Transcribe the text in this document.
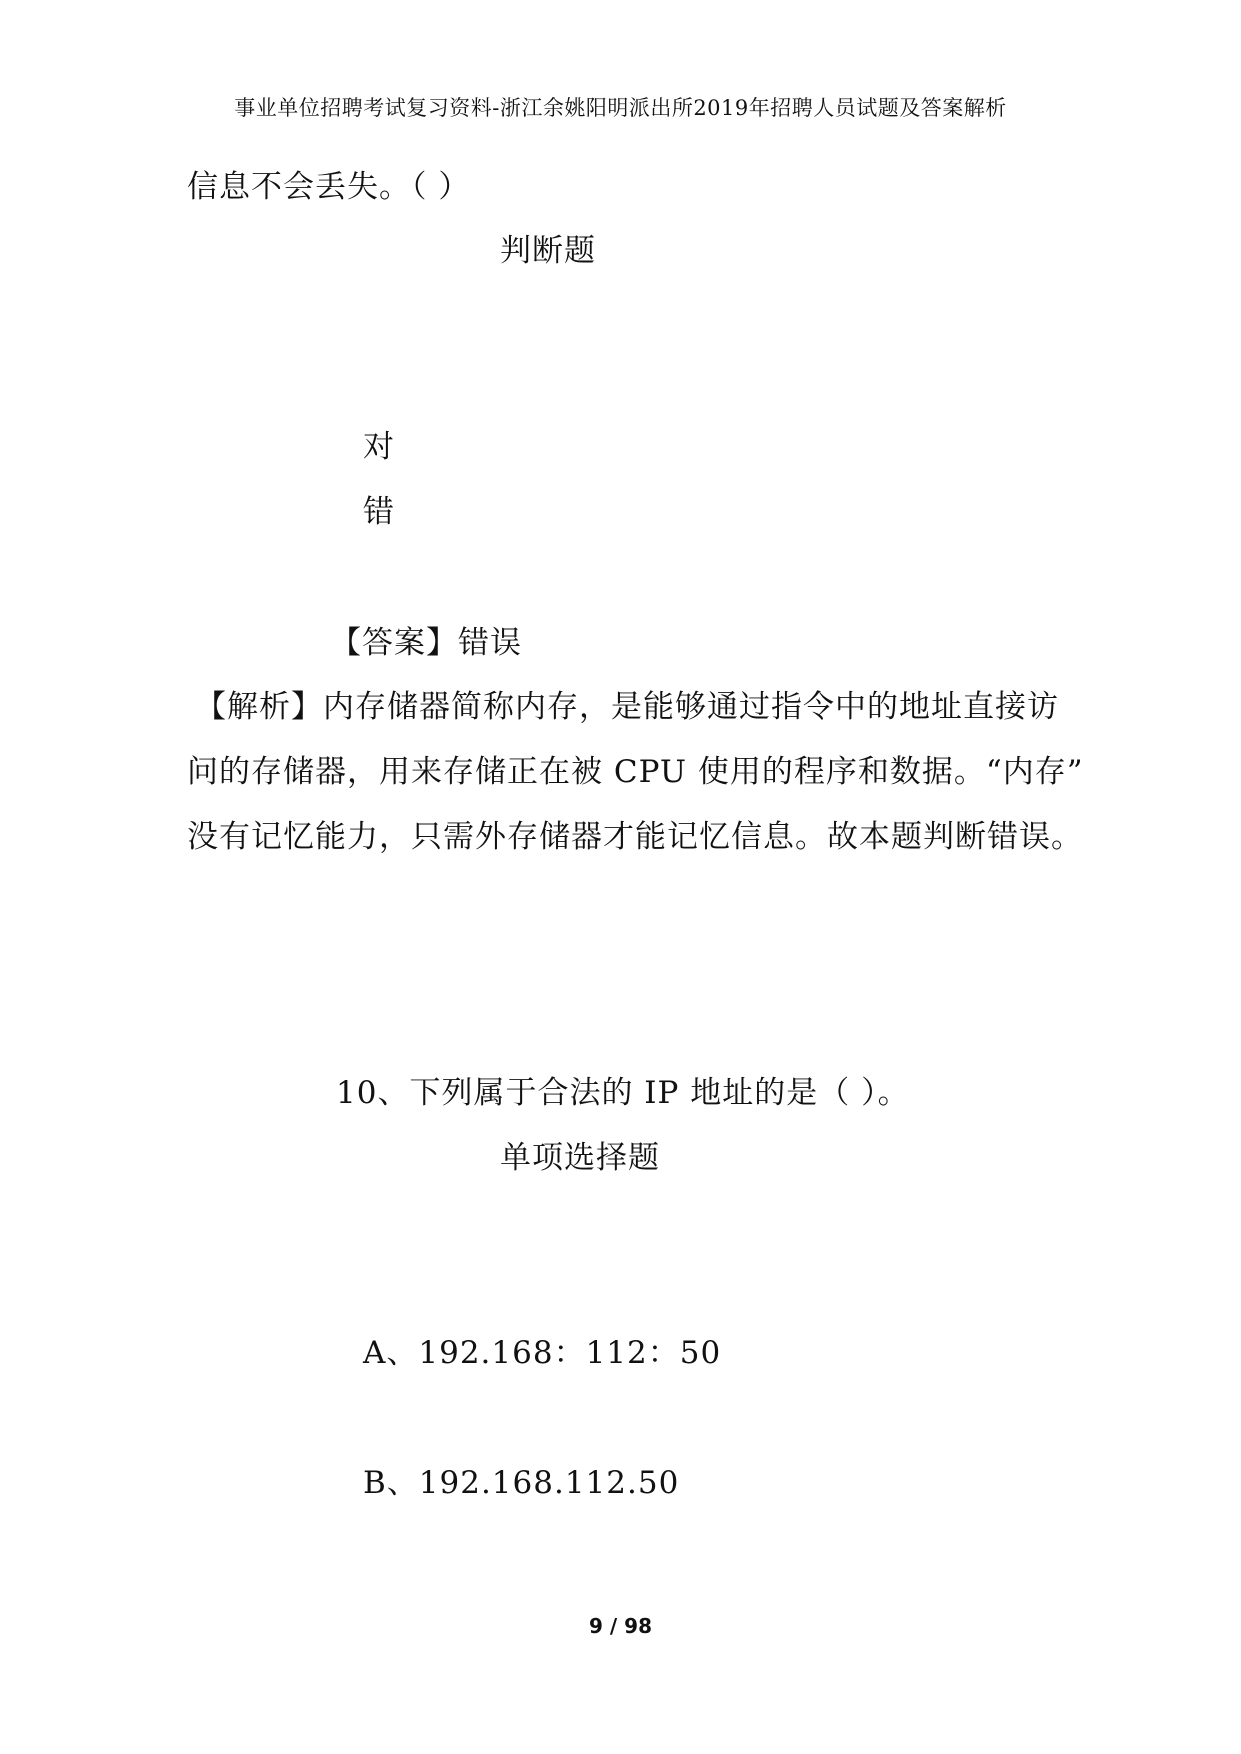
事业单位招聘考试复习资料-浙江余姚阳明派出所2019年招聘人员试题及答案解析
信息不会丢失。（ ）
判断题
对
错
【答案】错误
【解析】内存储器简称内存，是能够通过指令中的地址直接访
问的存储器，用来存储正在被 CPU 使用的程序和数据。“内存”
没有记忆能力，只需外存储器才能记忆信息。故本题判断错误。
10、下列属于合法的 IP 地址的是（ ）。
单项选择题
A、192.168：112：50
B、192.168.112.50
9 / 98
